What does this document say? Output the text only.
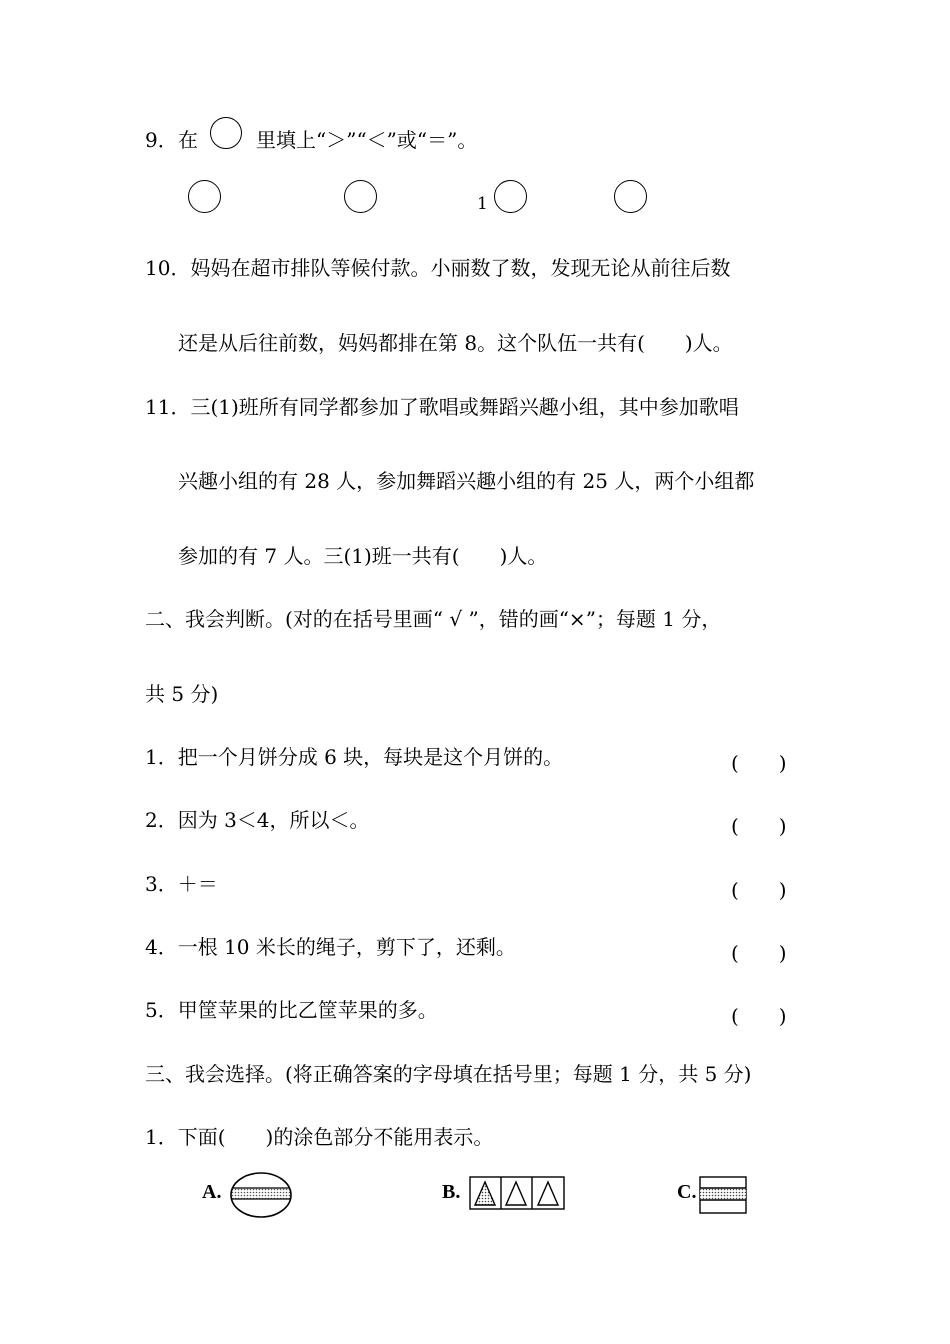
9． 在	里填上“＞”“＜”或“＝”。
1
10．妈妈在超市排队等候付款。小丽数了数，发现无论从前往后数
还是从后往前数，妈妈都排在第 8。这个队伍一共有(　　)人。
11．三(1)班所有同学都参加了歌唱或舞蹈兴趣小组，其中参加歌唱
兴趣小组的有 28 人，参加舞蹈兴趣小组的有 25 人，两个小组都
参加的有 7 人。三(1)班一共有(　　)人。
二、我会判断。(对的在括号里画“ √ ”，错的画“×”；每题 1 分，
共 5 分)
1．把一个月饼分成 6 块，每块是这个月饼的。	(　　)
2．因为 3＜4，所以＜。	(　　)
3．＋＝	(　　)
4．一根 10 米长的绳子，剪下了，还剩。	(　　)
5．甲筐苹果的比乙筐苹果的多。	(　　)
三、我会选择。(将正确答案的字母填在括号里；每题 1 分，共 5 分)
1．下面(　　)的涂色部分不能用表示。
A.	B.	C.
